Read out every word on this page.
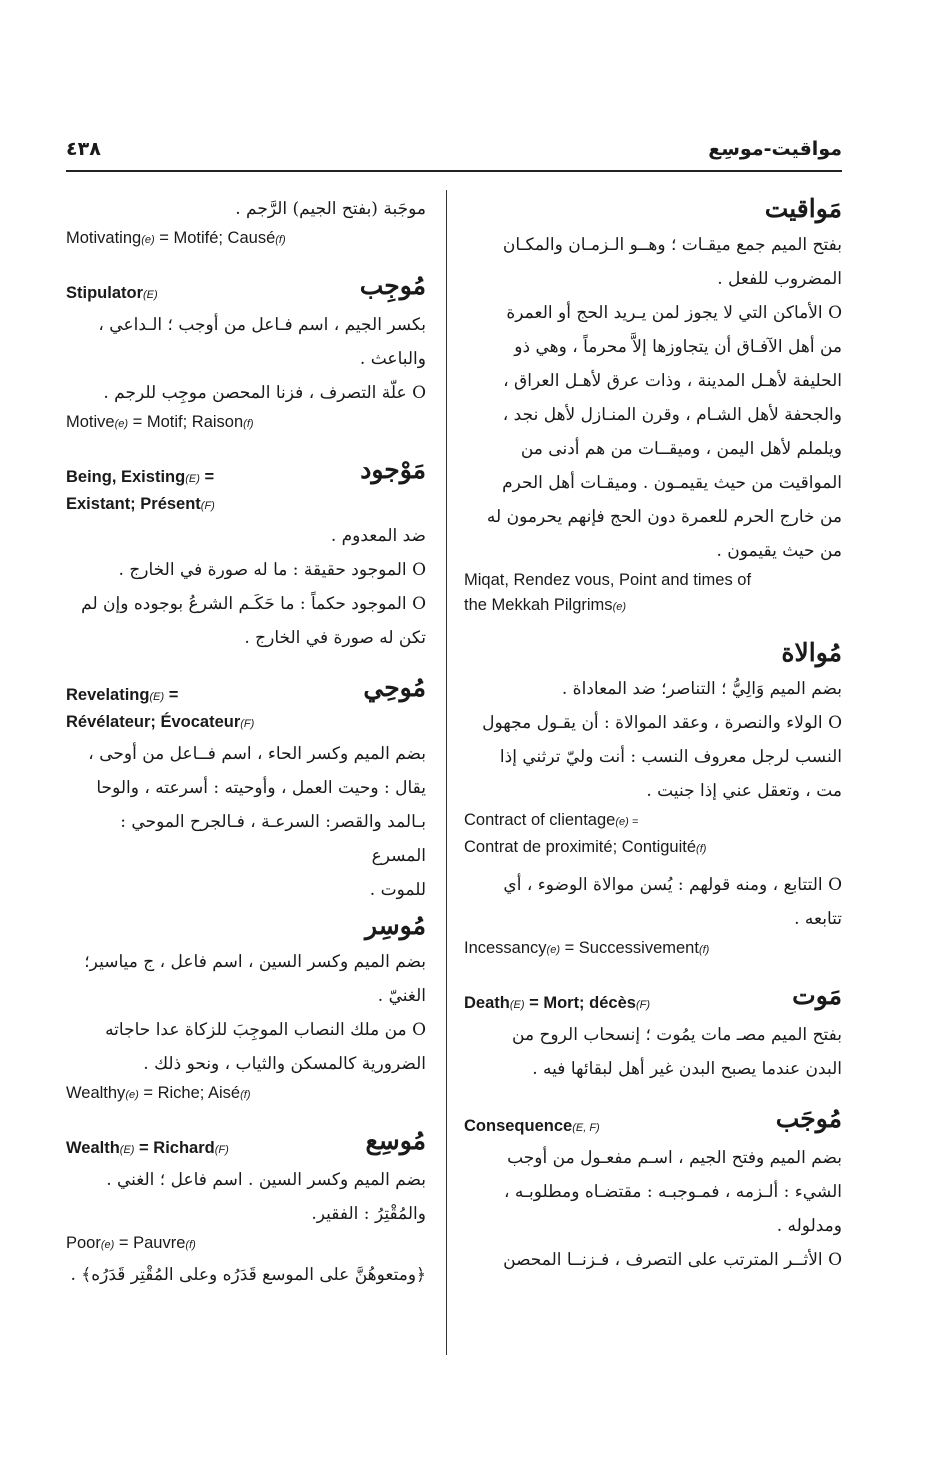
مواقيت-موسِع
٤٣٨

مَواقيت

بفتح الميم جمع ميقـات ؛ وهــو الـزمـان والمكـان

المضروب للفعل .

O الأماكن التي لا يجوز لمن يـريد الحج أو العمرة

من أهل الآفـاق أن يتجاوزها إلاَّ محرماً ، وهي ذو

الحليفة لأهـل المدينة ، وذات عرق لأهـل العراق ،

والجحفة لأهل الشـام ، وقرن المنـازل لأهل نجد ،

ويلملم لأهل اليمن ، وميقــات من هم أدنى من

المواقيت من حيث يقيمـون . وميقـات أهل الحرم

من خارج الحرم للعمرة دون الحج فإنهم يحرمون له

من حيث يقيمون .

Miqat, Rendez vous, Point and times of

the Mekkah Pilgrims(e)

مُوالاة

بضم الميم وَالِيُّ ؛ التناصر؛ ضد المعاداة .

O الولاء والنصرة ، وعقد الموالاة : أن يقـول مجهول

النسب لرجل معروف النسب : أنت وليّ ترثني إذا

مت ، وتعقل عني إذا جنيت .

Contract of clientage(e) =

Contrat de proximité; Contiguité(f)

O التتابع ، ومنه قولهم : يُسن موالاة الوضوء ، أي

تتابعه .

Incessancy(e) = Successivement(f)

Death(E) = Mort; décès(F)	مَوت

بفتح الميم مصـ مات يمُوت ؛ إنسحاب الروح من

البدن عندما يصبح البدن غير أهل لبقائها فيه .

Consequence(E, F)	مُوجَب

بضم الميم وفتح الجيم ، اسـم مفعـول من أوجب

الشيء : ألـزمه ، فمـوجبـه : مقتضـاه ومطلوبـه ،

ومدلوله .

O الأثــر المترتب على التصرف ، فـزنــا المحصن

موجَبة (بفتح الجيم) الرَّجم .

Motivating(e) = Motifé; Causé(f)

Stipulator(E)	مُوجِب

بكسر الجيم ، اسم فـاعل من أوجب ؛ الـداعي ،

والباعث .

O علّة التصرف ، فزنا المحصن موجِب للرجم .

Motive(e) = Motif; Raison(f)

Being, Existing(E) =
Existant; Présent(F)

مَوْجود

ضد المعدوم .

O الموجود حقيقة : ما له صورة في الخارج .

O الموجود حكماً : ما حَكَـم الشرعُ بوجوده وإن لم

تكن له صورة في الخارج .

Revelating(E) =
Révélateur; Évocateur(F)

مُوحِي

بضم الميم وكسر الحاء ، اسم فــاعل من أوحى ،

يقال : وحيت العمل ، وأوحيته : أسرعته ، والوحا

بـالمد والقصر: السرعـة ، فـالجرح الموحي : المسرع

للموت .

مُوسِر

بضم الميم وكسر السين ، اسم فاعل ، ج مياسير؛

الغنيّ .

O من ملك النصاب الموجِبَ للزكاة عدا حاجاته

الضرورية كالمسكن والثياب ، ونحو ذلك .

Wealthy(e) = Riche; Aisé(f)

Wealth(E) = Richard(F)	مُوسِع

بضم الميم وكسر السين . اسم فاعل ؛ الغني .

والمُقْتِرُ : الفقير.

Poor(e) = Pauvre(f)

﴿ومتعوهُنَّ على الموسع قَدَرُه وعلى المُقْتِر قَدَرُه﴾ .
